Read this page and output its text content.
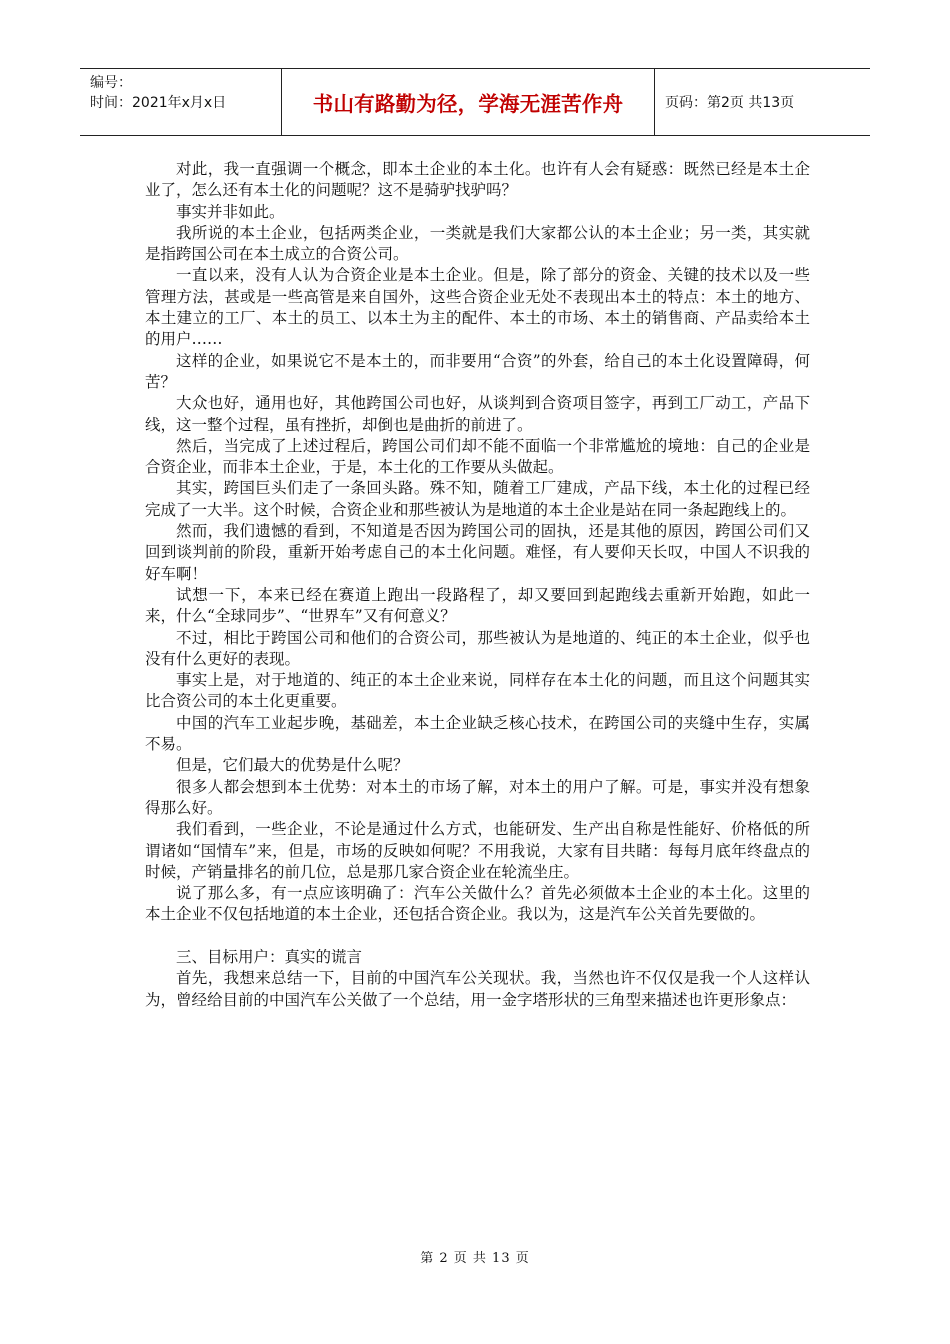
编号：
时间：2021年x月x日	书山有路勤为径，学海无涯苦作舟	页码：第2页 共13页

对此，我一直强调一个概念，即本土企业的本土化。也许有人会有疑惑：既然已经是本土企业了，怎么还有本土化的问题呢？这不是骑驴找驴吗？

事实并非如此。

我所说的本土企业，包括两类企业，一类就是我们大家都公认的本土企业；另一类，其实就是指跨国公司在本土成立的合资公司。

一直以来，没有人认为合资企业是本土企业。但是，除了部分的资金、关键的技术以及一些管理方法，甚或是一些高管是来自国外，这些合资企业无处不表现出本土的特点：本土的地方、本土建立的工厂、本土的员工、以本土为主的配件、本土的市场、本土的销售商、产品卖给本土的用户……

这样的企业，如果说它不是本土的，而非要用“合资”的外套，给自己的本土化设置障碍，何苦？

大众也好，通用也好，其他跨国公司也好，从谈判到合资项目签字，再到工厂动工，产品下线，这一整个过程，虽有挫折，却倒也是曲折的前进了。

然后，当完成了上述过程后，跨国公司们却不能不面临一个非常尴尬的境地：自己的企业是合资企业，而非本土企业，于是，本土化的工作要从头做起。

其实，跨国巨头们走了一条回头路。殊不知，随着工厂建成，产品下线，本土化的过程已经完成了一大半。这个时候，合资企业和那些被认为是地道的本土企业是站在同一条起跑线上的。

然而，我们遗憾的看到，不知道是否因为跨国公司的固执，还是其他的原因，跨国公司们又回到谈判前的阶段，重新开始考虑自己的本土化问题。难怪，有人要仰天长叹，中国人不识我的好车啊！

试想一下，本来已经在赛道上跑出一段路程了，却又要回到起跑线去重新开始跑，如此一来，什么“全球同步”、“世界车”又有何意义？

不过，相比于跨国公司和他们的合资公司，那些被认为是地道的、纯正的本土企业，似乎也没有什么更好的表现。

事实上是，对于地道的、纯正的本土企业来说，同样存在本土化的问题，而且这个问题其实比合资公司的本土化更重要。

中国的汽车工业起步晚，基础差，本土企业缺乏核心技术，在跨国公司的夹缝中生存，实属不易。

但是，它们最大的优势是什么呢？

很多人都会想到本土优势：对本土的市场了解，对本土的用户了解。可是，事实并没有想象得那么好。

我们看到，一些企业，不论是通过什么方式，也能研发、生产出自称是性能好、价格低的所谓诸如“国情车”来，但是，市场的反映如何呢？不用我说，大家有目共睹：每每月底年终盘点的时候，产销量排名的前几位，总是那几家合资企业在轮流坐庄。

说了那么多，有一点应该明确了：汽车公关做什么？首先必须做本土企业的本土化。这里的本土企业不仅包括地道的本土企业，还包括合资企业。我以为，这是汽车公关首先要做的。

三、目标用户：真实的谎言

首先，我想来总结一下，目前的中国汽车公关现状。我，当然也许不仅仅是我一个人这样认为，曾经给目前的中国汽车公关做了一个总结，用一金字塔形状的三角型来描述也许更形象点：

第 2 页 共 13 页
